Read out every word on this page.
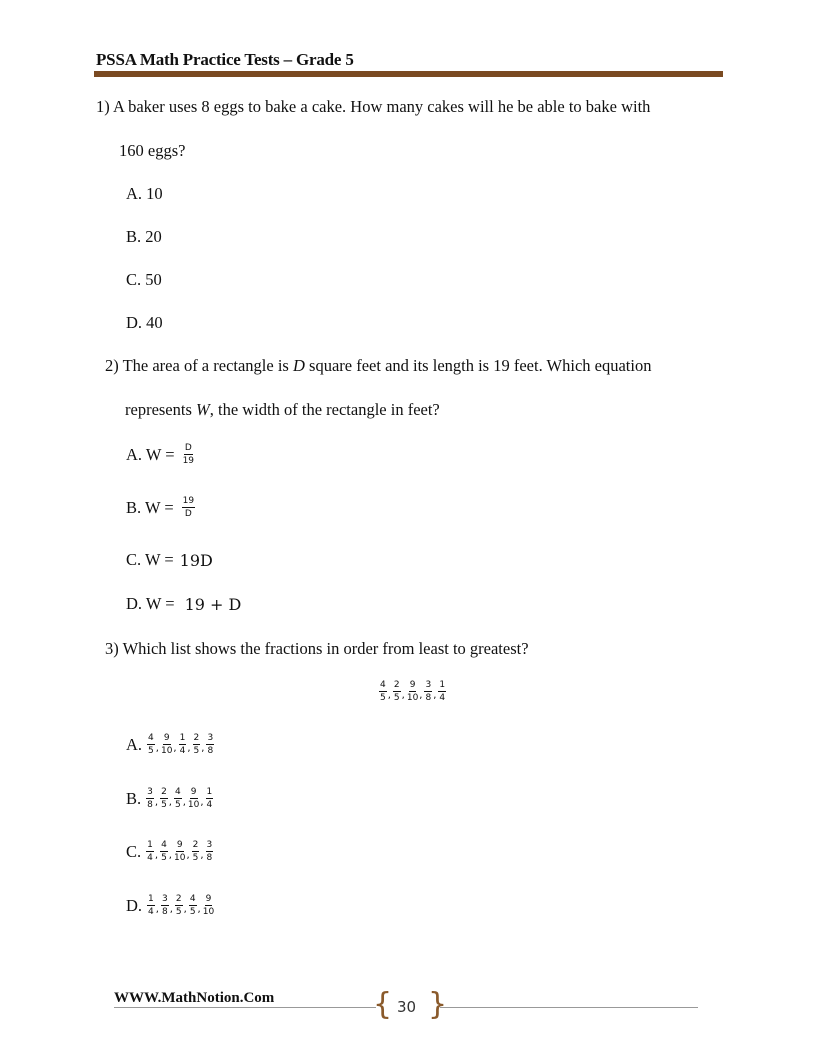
PSSA Math Practice Tests – Grade 5
1) A baker uses 8 eggs to bake a cake. How many cakes will he be able to bake with
160 eggs?
A. 10
B. 20
C. 50
D. 40
2) The area of a rectangle is D square feet and its length is 19 feet. Which equation
represents W, the width of the rectangle in feet?
A. $W = \frac{D}{19}$
B. $W = \frac{19}{D}$
C. W = 19D
D. W = 19 + D
3) Which list shows the fractions in order from least to greatest?
$\frac{4}{5}$ , $\frac{2}{5}$ , $\frac{9}{10}$ , $\frac{3}{8}$ , $\frac{1}{4}$
A. $\frac{4}{5}$ , $\frac{9}{10}$ , $\frac{1}{4}$ , $\frac{2}{5}$ , $\frac{3}{8}$
B. $\frac{3}{8}$ , $\frac{2}{5}$ , $\frac{4}{5}$ , $\frac{9}{10}$ , $\frac{1}{4}$
C. $\frac{1}{4}$ , $\frac{4}{5}$ , $\frac{9}{10}$ , $\frac{2}{5}$ , $\frac{3}{8}$
D. $\frac{1}{4}$ , $\frac{3}{8}$ , $\frac{2}{5}$ , $\frac{4}{5}$ , $\frac{9}{10}$
WWW.MathNotion.Com	{ }
30
